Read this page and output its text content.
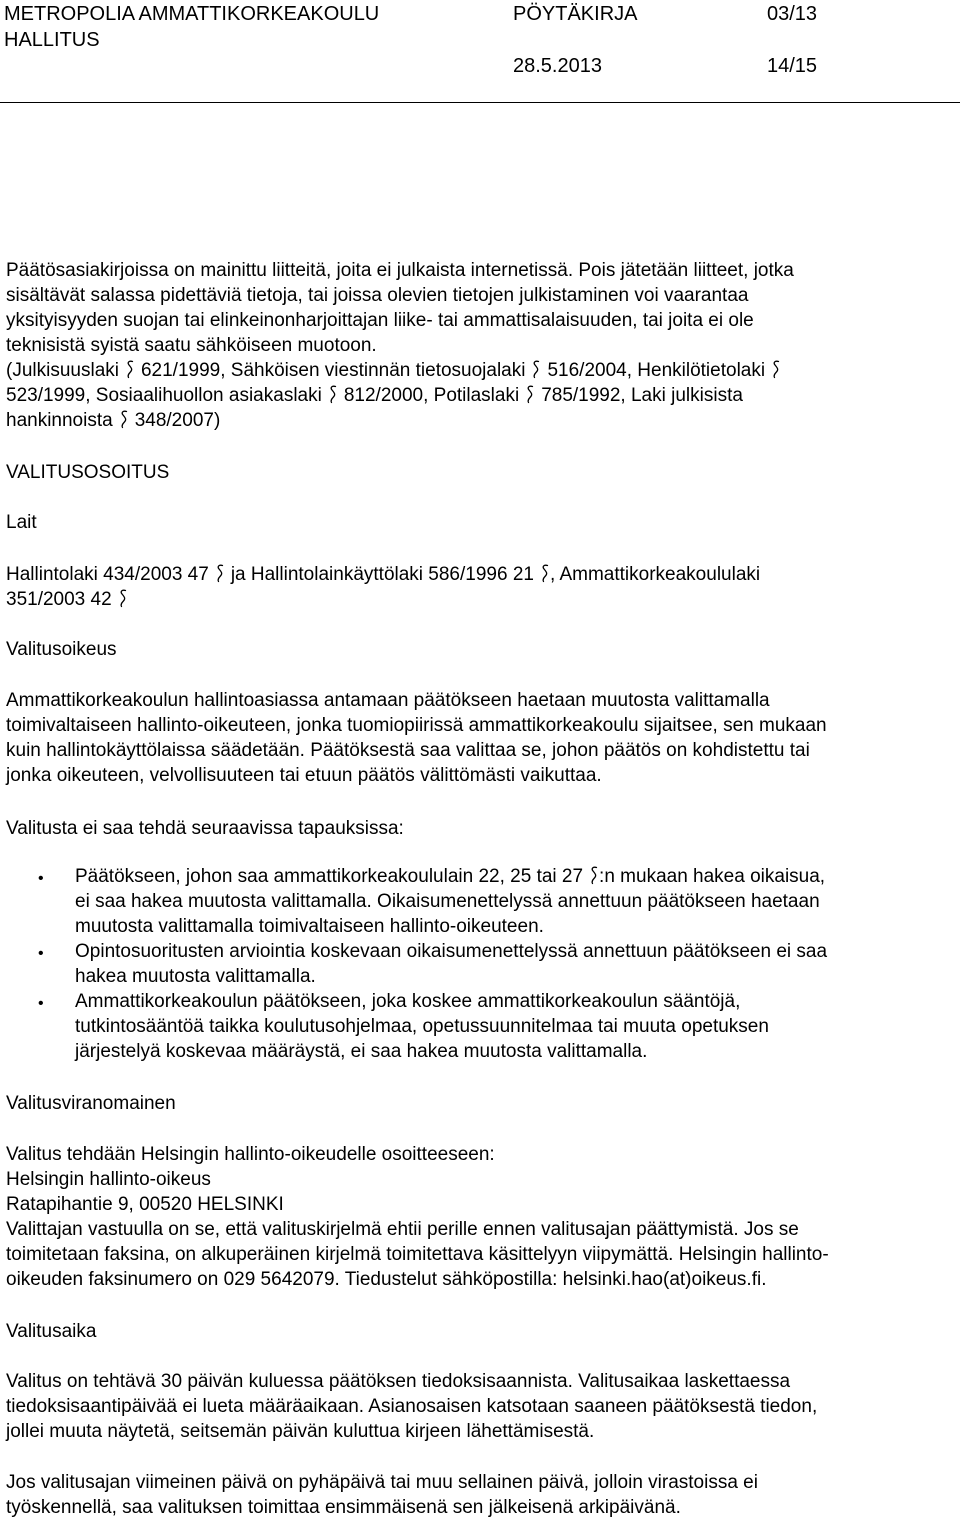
METROPOLIA AMMATTIKORKEAKOULU
HALLITUS
PÖYTÄKIRJA	03/13
28.5.2013	14/15
Päätösasiakirjoissa on mainittu liitteitä, joita ei julkaista internetissä. Pois jätetään liitteet, jotka
sisältävät salassa pidettäviä tietoja, tai joissa olevien tietojen julkistaminen voi vaarantaa
yksityisyyden suojan tai elinkeinonharjoittajan liike- tai ammattisalaisuuden, tai joita ei ole
teknisistä syistä saatu sähköiseen muotoon.
(Julkisuuslaki 621/1999, Sähköisen viestinnän tietosuojalaki 516/2004, Henkilötietolaki
523/1999, Sosiaalihuollon asiakaslaki 812/2000, Potilaslaki 785/1992, Laki julkisista
hankinnoista 348/2007)
VALITUSOSOITUS
Lait
Hallintolaki 434/2003 47 ja Hallintolainkäyttölaki 586/1996 21 , Ammattikorkeakoululaki
351/2003 42
Valitusoikeus
Ammattikorkeakoulun hallintoasiassa antamaan päätökseen haetaan muutosta valittamalla
toimivaltaiseen hallinto-oikeuteen, jonka tuomiopiirissä ammattikorkeakoulu sijaitsee, sen mukaan
kuin hallintokäyttölaissa säädetään. Päätöksestä saa valittaa se, johon päätös on kohdistettu tai
jonka oikeuteen, velvollisuuteen tai etuun päätös välittömästi vaikuttaa.
Valitusta ei saa tehdä seuraavissa tapauksissa:
• Päätökseen, johon saa ammattikorkeakoululain 22, 25 tai 27 :n mukaan hakea oikaisua,
ei saa hakea muutosta valittamalla. Oikaisumenettelyssä annettuun päätökseen haetaan
muutosta valittamalla toimivaltaiseen hallinto-oikeuteen.
• Opintosuoritusten arviointia koskevaan oikaisumenettelyssä annettuun päätökseen ei saa
hakea muutosta valittamalla.
• Ammattikorkeakoulun päätökseen, joka koskee ammattikorkeakoulun sääntöjä,
tutkintosääntöä taikka koulutusohjelmaa, opetussuunnitelmaa tai muuta opetuksen
järjestelyä koskevaa määräystä, ei saa hakea muutosta valittamalla.
Valitusviranomainen
Valitus tehdään Helsingin hallinto-oikeudelle osoitteeseen:
Helsingin hallinto-oikeus
Ratapihantie 9, 00520 HELSINKI
Valittajan vastuulla on se, että valituskirjelmä ehtii perille ennen valitusajan päättymistä. Jos se
toimitetaan faksina, on alkuperäinen kirjelmä toimitettava käsittelyyn viipymättä. Helsingin hallinto-
oikeuden faksinumero on 029 5642079. Tiedustelut sähköpostilla: helsinki.hao(at)oikeus.fi.
Valitusaika
Valitus on tehtävä 30 päivän kuluessa päätöksen tiedoksisaannista. Valitusaikaa laskettaessa
tiedoksisaantipäivää ei lueta määräaikaan. Asianosaisen katsotaan saaneen päätöksestä tiedon,
jollei muuta näytetä, seitsemän päivän kuluttua kirjeen lähettämisestä.
Jos valitusajan viimeinen päivä on pyhäpäivä tai muu sellainen päivä, jolloin virastoissa ei
työskennellä, saa valituksen toimittaa ensimmäisenä sen jälkeisenä arkipäivänä.
